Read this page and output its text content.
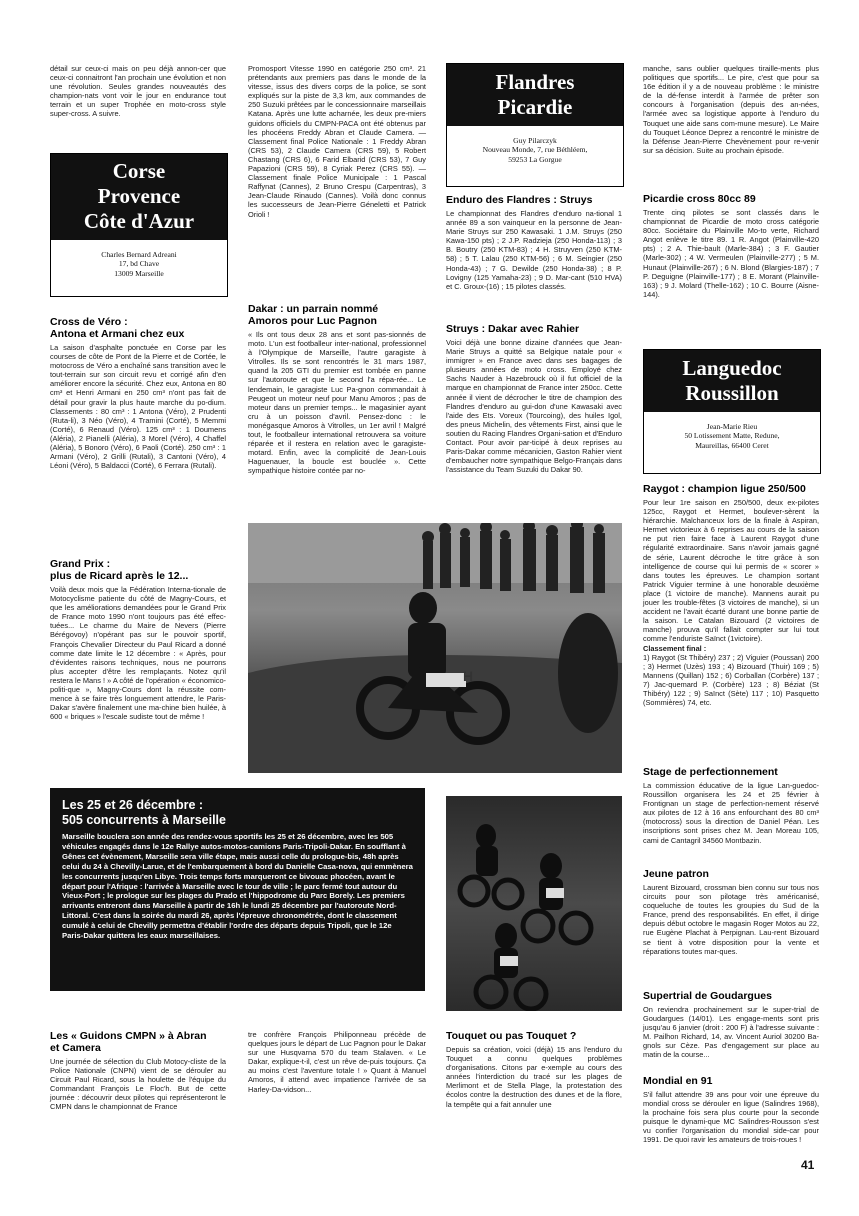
détail sur ceux-ci mais on peu déjà annon-cer que ceux-ci connaitront l'an prochain une évolution et non une révolution. Seules grandes nouveautés des champion-nats vont voir le jour en endurance tout terrain et un super Trophée en moto-cross style super-cross. A suivre.

Corse
Provence
Côte d'Azur
Charles Bernard Adreani
17, bd Chave
13009 Marseille
Cross de Véro :
Antona et Armani chez eux

La saison d'asphalte ponctuée en Corse par les courses de côte de Pont de la Pierre et de Cortée, le motocross de Véro a enchaîné sans transition avec le tout-terrain sur son circuit revu et corrigé afin d'en améliorer encore la sécurité. Chez eux, Antona en 80 cm³ et Henri Armani en 250 cm³ n'ont pas fait de détail pour gravir la plus haute marche du po-dium. Classements : 80 cm³ : 1 Antona (Véro), 2 Prudenti (Ruta-li), 3 Néo (Véro), 4 Tramini (Corté), 5 Memmi (Corté), 6 Renaud (Véro). 125 cm³ : 1 Doumens (Aléria), 2 Pianelli (Aléria), 3 Morel (Véro), 4 Chaffel (Aléria), 5 Bonoro (Véro), 6 Paoli (Corté). 250 cm³ : 1 Armani (Véro), 2 Grilli (Rutali), 3 Cantoni (Véro), 4 Léoni (Véro), 5 Baldacci (Corté), 6 Ferrara (Rutali).

Grand Prix :
plus de Ricard après le 12...

Voilà deux mois que la Fédération Interna-tionale de Motocyclisme patiente du côté de Magny-Cours, et que les améliorations demandées pour le Grand Prix de France moto 1990 n'ont toujours pas été effec-tuées... Le charme du Maire de Nevers (Pierre Bérégovoy) n'opérant pas sur le pouvoir sportif, François Chevalier Directeur du Paul Ricard a donné comme date limite le 12 décembre : « Après, pour d'évidentes raisons techniques, nous ne pourrons plus accepter d'être les remplaçants. Notez qu'il restera le Mans ! » A côté de l'opération « économico-politi-que », Magny-Cours dont la réussite com-mence à se faire très longuement attendre, le Paris-Dakar s'avère finalement une ma-chine bien huilée, à 600 « briques » l'escale sudiste tout de même !

Promosport Vitesse 1990 en catégorie 250 cm³. 21 prétendants aux premiers pas dans le monde de la vitesse, issus des divers corps de la police, se sont expliqués sur la piste de 3,3 km, aux commandes de 250 Suzuki prêtées par le concessionnaire marseillais Katana. Après une lutte acharnée, les deux pre-miers guidons officiels du CMPN-PACA ont été obtenus par les phocéens Freddy Abran et Claude Camera. — Classement final Police Nationale : 1 Freddy Abran (CRS 53), 2 Claude Camera (CRS 59), 5 Robert Chastang (CRS 6), 6 Farid Elbarid (CRS 53), 7 Guy Papazioni (CRS 59), 8 Cyriak Perez (CRS 55). — Classement finale Police Municipale : 1 Pascal Raffynat (Cannes), 2 Bruno Crespu (Carpentras), 3 Jean-Claude Rinaudo (Cannes). Voilà donc connus les successeurs de Jean-Pierre Géneletti et Patrick Orioli !

Dakar : un parrain nommé
Amoros pour Luc Pagnon

« Ils ont tous deux 28 ans et sont pas-sionnés de moto. L'un est footballeur inter-national, professionnel à l'Olympique de Marseille, l'autre garagiste à Vitrolles. Ils se sont rencontrés le 31 mars 1987, quand la 205 GTI du premier est tombée en panne sur l'autoroute et que le second l'a répa-rée... Le lendemain, le garagiste Luc Pa-gnon commandait à Peugeot un moteur neuf pour Manu Amoros ; pas de moteur dans un premier temps... le magasinier ayant cru à un poisson d'avril. Pensez-donc : le monégasque Amoros à Vitrolles, un 1er avril ! Malgré tout, le footballeur international retrouvera sa voiture réparée et il restera en relation avec le garagiste-motard. Enfin, avec la complicité de Jean-Louis Haguenauer, la boucle est bouclée ». Cette sympathique histoire contée par no-

H
Flandres
Picardie
Guy Pilarczyk
Nouveau Monde, 7, rue Béthléem,
59253 La Gorgue
Enduro des Flandres : Struys

Le championnat des Flandres d'enduro na-tional 1 année 89 a son vainqueur en la personne de Jean-Marie Struys sur 250 Kawasaki. 1 J.M. Struys (250 Kawa-150 pts) ; 2 J.P. Radzieja (250 Honda-113) ; 3 B. Boutry (250 KTM-83) ; 4 H. Struyven (250 KTM-58) ; 5 T. Lalau (250 KTM-56) ; 6 M. Seingier (250 Honda-43) ; 7 G. Dewilde (250 Honda-38) ; 8 P. Lovigny (125 Yamaha-23) ; 9 D. Mar-cant (510 HVA) et C. Groux-(16) ; 15 pilotes classés.

Struys : Dakar avec Rahier

Voici déjà une bonne dizaine d'années que Jean-Marie Struys a quitté sa Belgique natale pour « immigrer » en France avec dans ses bagages de plusieurs années de moto cross. Employé chez Sachs Nauder à Hazebrouck où il fut officiel de la marque en championnat de France inter 250cc. Cette année il vient de décrocher le titre de champion des Flandres d'enduro au gui-don d'une Kawasaki avec l'aide des Ets. Voreux (Tourcoing), des huiles Igol, des pneus Michelin, des vêtements First, ainsi que le soutien du Racing Flandres Organi-sation et d'Enduro Contact. Pour avoir par-ticipé à deux reprises au Paris-Dakar comme mécanicien, Gaston Rahier vient d'embaucher notre sympathique Belgo-Français dans l'assistance du Team Suzuki du Dakar 90.

manche, sans oublier quelques tiraille-ments plus politiques que sportifs... Le pire, c'est que pour sa 16e édition il y a de nouveau problème : le ministre de la dé-fense interdit à l'armée de prêter son concours à l'organisation (depuis des an-nées, l'armée avec sa logistique apporte à l'enduro du Touquet une aide sans com-mune mesure). Le Maire du Touquet Léonce Deprez a rencontré le ministre de la Défense Jean-Pierre Chevènement pour re-venir sur sa décision. Suite au prochain épisode.

Picardie cross 80cc 89

Trente cinq pilotes se sont classés dans le championnat de Picardie de moto cross catégorie 80cc. Sociétaire du Plainville Mo-to verte, Richard Angot enlève le titre 89. 1 R. Angot (Plainville-420 pts) ; 2 A. Thie-bault (Marle-384) ; 3 F. Gautier (Marle-302) ; 4 W. Vermeulen (Plainville-277) ; 5 M. Hunaut (Plainville-267) ; 6 N. Blond (Blargies-187) ; 7 P. Deguigne (Plainville-177) ; 8 E. Morant (Plainville-163) ; 9 J. Molard (Thelle-162) ; 10 C. Bourre (Aisne-144).

Languedoc
Roussillon
Jean-Marie Rieu
50 Lotissement Matte, Redune,
Maureillas, 66400 Ceret
Raygot : champion ligue 250/500

Pour leur 1re saison en 250/500, deux ex-pilotes 125cc, Raygot et Hermet, boulever-sèrent la hiérarchie. Malchanceux lors de la finale à Aspiran, Hermet victorieux à 6 reprises au cours de la saison ne put rien faire face à Laurent Raygot d'une régularité extraordinaire. Sans n'avoir jamais gagné de série, Laurent décroche le titre grâce à son intelligence de course qui lui permis de « scorer » dans toutes les épreuves. Le champion sortant Patrick Viguier termine à une honorable deuxième place (1 victoire de manche). Mannens aurait pu jouer les trouble-fêtes (3 victoires de manche), si un accident ne l'avait écarté durant une bonne partie de la saison. Le Catalan Bizouard (2 victoires de manche) prouva qu'il fallait compter sur lui tout comme l'enduriste Saïnct (1victoire).

Classement final :

1) Raygot (St Thibéry) 237 ; 2) Viguier (Poussan) 200 ; 3) Hermet (Uzès) 193 ; 4) Bizouard (Thuir) 169 ; 5) Mannens (Quillan) 152 ; 6) Corballan (Corbère) 137 ; 7) Jac-quemard P. (Corbère) 123 ; 8) Béziat (St Thibéry) 122 ; 9) Saïnct (Sète) 117 ; 10) Pasquetto (Sommières) 74, etc.

Stage de perfectionnement

La commission éducative de la ligue Lan-guedoc-Roussillon organisera les 24 et 25 février à Frontignan un stage de perfection-nement réservé aux pilotes de 12 à 16 ans enfourchant des 80 cm³ (motocross) sous la direction de Daniel Péan. Les inscriptions sont prises chez M. Jean Moreau 105, cami de Cantagril 34560 Montbazin.

Jeune patron

Laurent Bizouard, crossman bien connu sur tous nos circuits pour son pilotage très américanisé, coqueluche de toutes les groupies du Sud de la France, prend des responsabilités. En effet, il dirige depuis début octobre le magasin Roger Motos au 22, rue Eugène Plachat à Perpignan. Lau-rent Bizouard se tient à votre disposition pour la vente et réparations toutes mar-ques.

Supertrial de Goudargues

On reviendra prochainement sur le super-trial de Goudargues (14/01). Les engage-ments sont pris jusqu'au 6 janvier (droit : 200 F) à l'adresse suivante : M. Pailhon Richard, 14, av. Vincent Auriol 30200 Ba-gnols sur Cèze. Pas d'engagement sur place au matin de la course...

Mondial en 91

S'il fallut attendre 39 ans pour voir une épreuve du mondial cross se dérouler en ligue (Salindres 1968), la prochaine fois sera plus courte pour la seconde puisque le dynami-que MC Salindres-Rousson s'est vu confier l'organisation du mondial side-car pour 1991. De quoi ravir les amateurs de trois-roues !

Les 25 et 26 décembre :
505 concurrents à Marseille

Marseille bouclera son année des rendez-vous sportifs les 25 et 26 décembre, avec les 505 véhicules engagés dans le 12e Rallye autos-motos-camions Paris-Tripoli-Dakar. En soufflant à Gênes cet évènement, Marseille sera ville étape, mais aussi celle du prologue-bis, 48h après celui du 24 à Chevilly-Larue, et de l'embarquement à bord du Danielle Casa-nova, qui emmènera les concurrents jusqu'en Libye. Trois temps forts marqueront ce bivouac phocéen, avant le départ pour l'Afrique : l'arrivée à Marseille avec le tour de ville ; le parc fermé tout autour du Vieux-Port ; le prologue sur les plages du Prado et l'hippodrome du Parc Borely. Les premiers arrivants entreront dans Marseille à partir de 16h le lundi 25 décembre par l'autoroute Nord-Littoral. C'est dans la soirée du mardi 26, après l'épreuve chronométrée, dont le classement cumulé à celui de Chevilly permettra d'établir l'ordre des départs depuis Tripoli, que le 12e Paris-Dakar quittera les eaux marseillaises.

Les « Guidons CMPN » à Abran
et Camera

Une journée de sélection du Club Motocy-cliste de la Police Nationale (CNPN) vient de se dérouler au Circuit Paul Ricard, sous la houlette de l'équipe du Commandant François Le Floc'h. But de cette journée : découvrir deux pilotes qui représenteront le CMPN dans le championnat de France

tre confrère François Philiponneau précède de quelques jours le départ de Luc Pagnon pour le Dakar sur une Husqvarna 570 du team Stalaven. « Le Dakar, explique-t-il, c'est un rêve de-puis toujours. Ça au moins c'est l'aventure totale ! » Quant à Manuel Amoros, il attend avec impatience l'arrivée de sa Harley-Da-vidson...

Touquet ou pas Touquet ?

Depuis sa création, voici (déjà) 15 ans l'enduro du Touquet a connu quelques problèmes d'organisations. Citons par e-xemple au cours des années l'interdiction du tracé sur les plages de Merlimont et de Stella Plage, la protestation des écolos contre la destruction des dunes et de la flore, la tempête qui a fait annuler une

41
